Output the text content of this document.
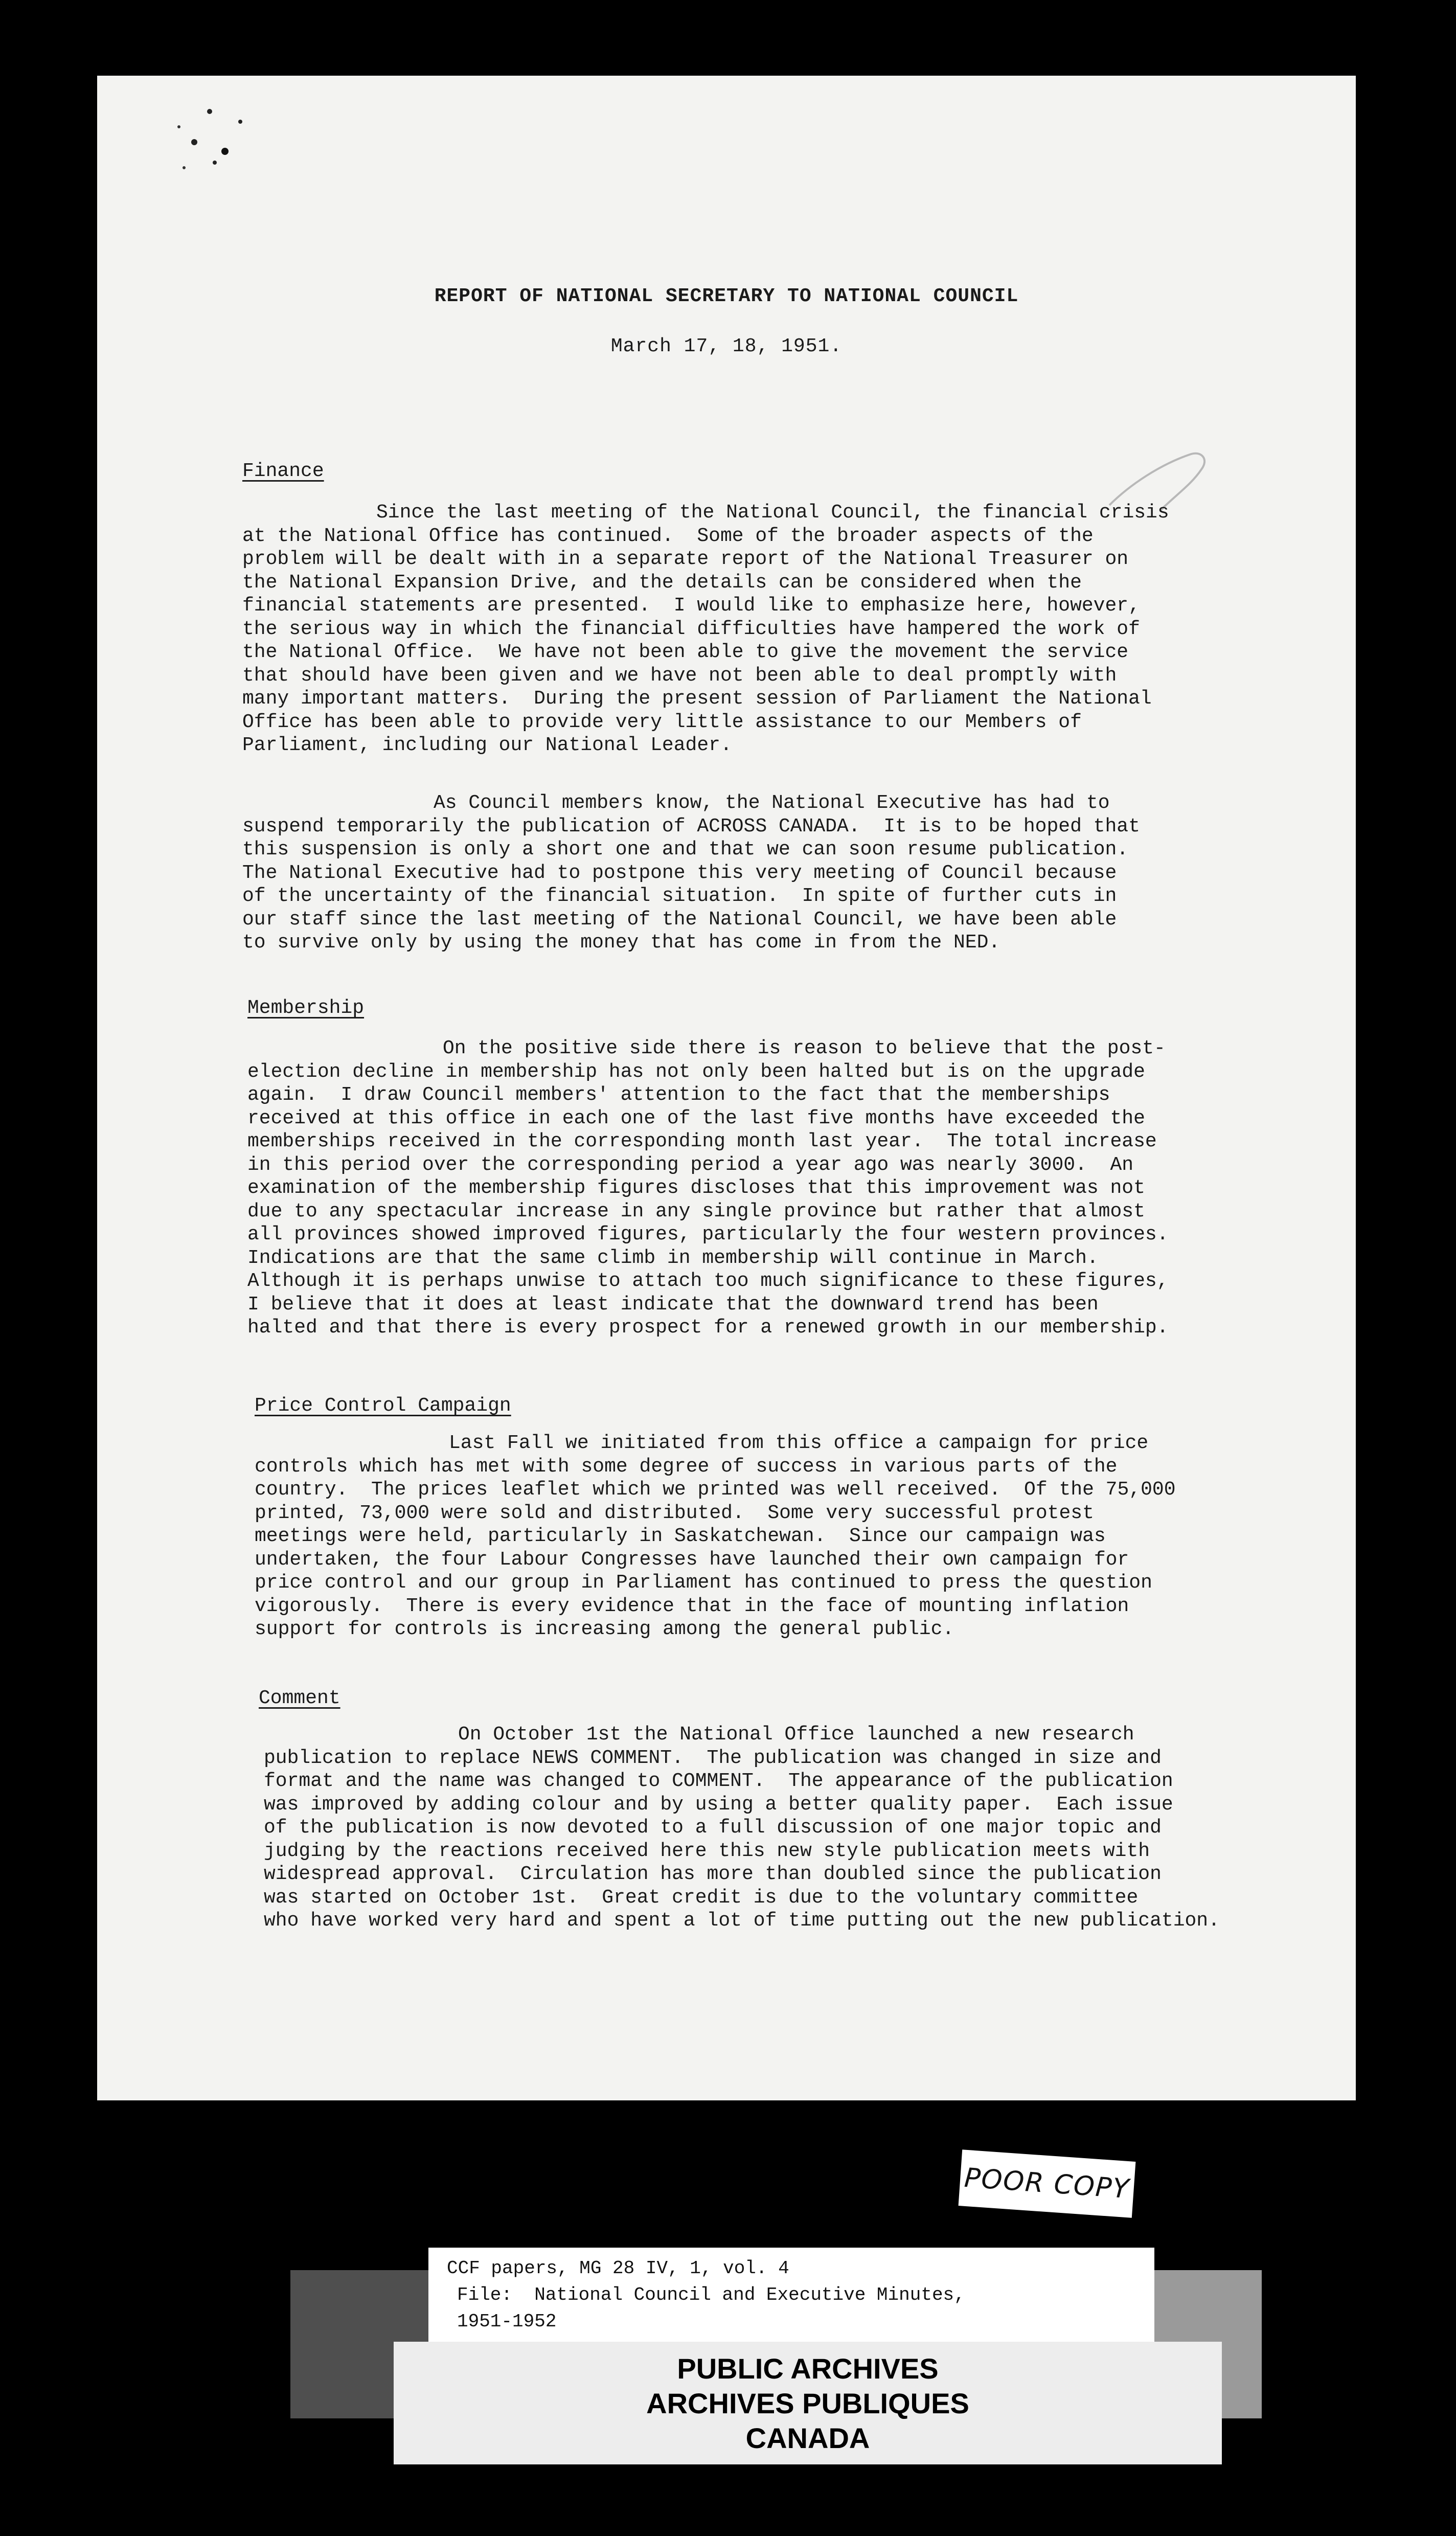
REPORT OF NATIONAL SECRETARY TO NATIONAL COUNCIL
March 17, 18, 1951.
Finance
Since the last meeting of the National Council, the financial crisis
at the National Office has continued.  Some of the broader aspects of the
problem will be dealt with in a separate report of the National Treasurer on
the National Expansion Drive, and the details can be considered when the
financial statements are presented.  I would like to emphasize here, however,
the serious way in which the financial difficulties have hampered the work of
the National Office.  We have not been able to give the movement the service
that should have been given and we have not been able to deal promptly with
many important matters.  During the present session of Parliament the National
Office has been able to provide very little assistance to our Members of
Parliament, including our National Leader.
As Council members know, the National Executive has had to
suspend temporarily the publication of ACROSS CANADA.  It is to be hoped that
this suspension is only a short one and that we can soon resume publication.
The National Executive had to postpone this very meeting of Council because
of the uncertainty of the financial situation.  In spite of further cuts in
our staff since the last meeting of the National Council, we have been able
to survive only by using the money that has come in from the NED.
Membership
On the positive side there is reason to believe that the post-
election decline in membership has not only been halted but is on the upgrade
again.  I draw Council members' attention to the fact that the memberships
received at this office in each one of the last five months have exceeded the
memberships received in the corresponding month last year.  The total increase
in this period over the corresponding period a year ago was nearly 3000.  An
examination of the membership figures discloses that this improvement was not
due to any spectacular increase in any single province but rather that almost
all provinces showed improved figures, particularly the four western provinces.
Indications are that the same climb in membership will continue in March.
Although it is perhaps unwise to attach too much significance to these figures,
I believe that it does at least indicate that the downward trend has been
halted and that there is every prospect for a renewed growth in our membership.
Price Control Campaign
Last Fall we initiated from this office a campaign for price
controls which has met with some degree of success in various parts of the
country.  The prices leaflet which we printed was well received.  Of the 75,000
printed, 73,000 were sold and distributed.  Some very successful protest
meetings were held, particularly in Saskatchewan.  Since our campaign was
undertaken, the four Labour Congresses have launched their own campaign for
price control and our group in Parliament has continued to press the question
vigorously.  There is every evidence that in the face of mounting inflation
support for controls is increasing among the general public.
Comment
On October 1st the National Office launched a new research
publication to replace NEWS COMMENT.  The publication was changed in size and
format and the name was changed to COMMENT.  The appearance of the publication
was improved by adding colour and by using a better quality paper.  Each issue
of the publication is now devoted to a full discussion of one major topic and
judging by the reactions received here this new style publication meets with
widespread approval.  Circulation has more than doubled since the publication
was started on October 1st.  Great credit is due to the voluntary committee
who have worked very hard and spent a lot of time putting out the new publication.
POOR COPY
CCF papers, MG 28 IV, 1, vol. 4
File:  National Council and Executive Minutes,
1951-1952
PUBLIC ARCHIVES
ARCHIVES PUBLIQUES
CANADA
